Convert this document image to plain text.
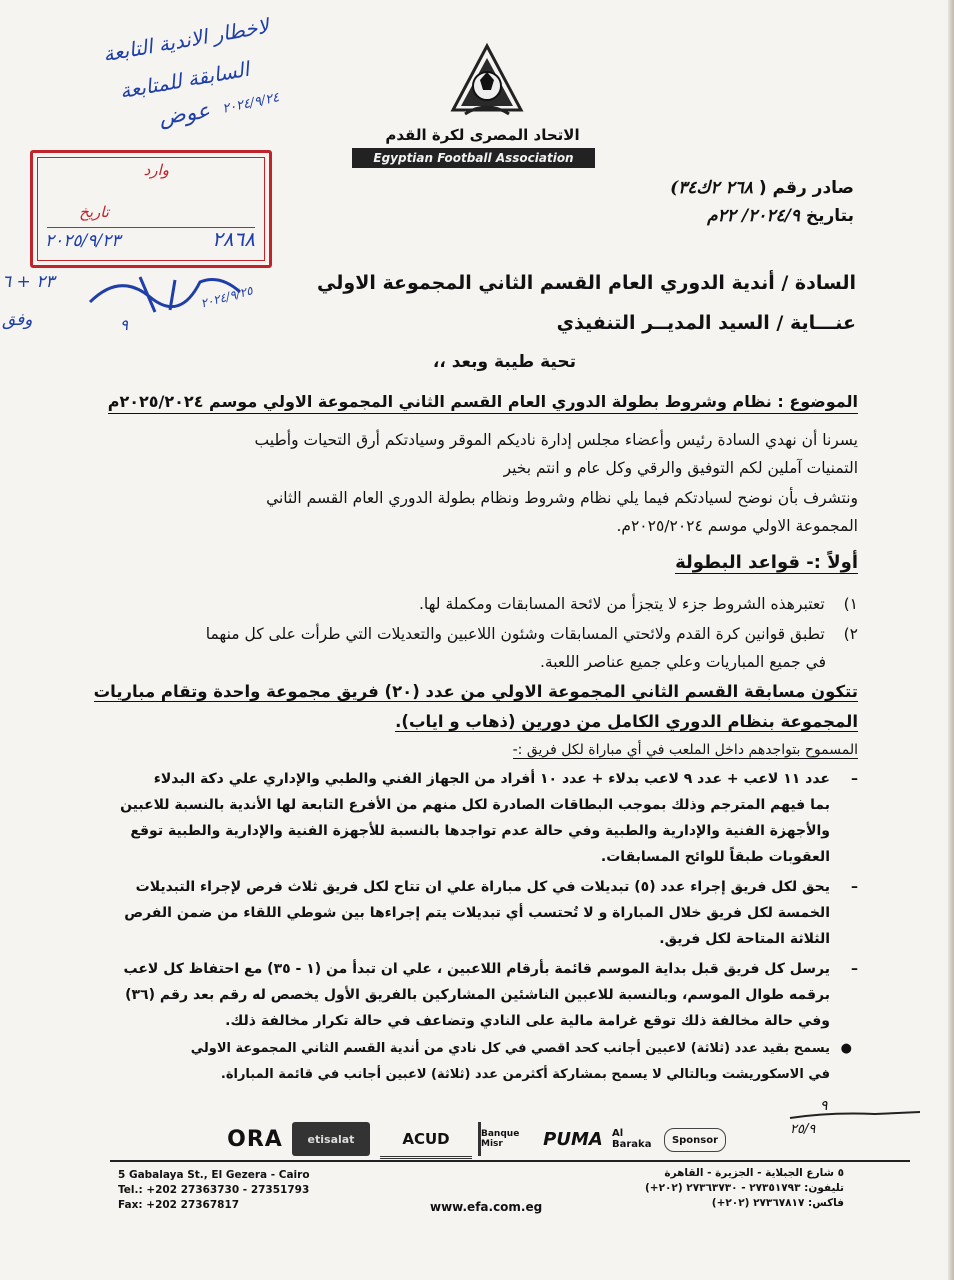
الاتحاد المصرى لكرة القدم
Egyptian Football Association
لاخطار الاندية التابعة
السابقة للمتابعة
عوض ٢٠٢٤/٩/٢٤
وارد
تاريخ
٢٨٦٨
٢٠٢٥/٩/٢٣
٢٠٢٤/٩/٢٥
٩
٢٣ + ٦
وفق
صادر رقم ( ٢٦٨ ٢ك٣٤)
بتاريخ ٢٠٢٤/٩/ ٢٢م
السادة / أندية الدوري العام القسم الثاني المجموعة الاولي
عنـــاية / السيد المديــر التنفيذي
تحية طيبة وبعد ،،
الموضوع : نظام وشروط بطولة الدوري العام القسم الثاني المجموعة الاولي موسم ٢٠٢٥/٢٠٢٤م
يسرنا أن نهدي السادة رئيس وأعضاء مجلس إدارة ناديكم الموقر وسيادتكم أرق التحيات وأطيب
التمنيات آملين لكم التوفيق والرقي وكل عام و انتم بخير
ونتشرف بأن نوضح لسيادتكم فيما يلي نظام وشروط ونظام بطولة الدوري العام القسم الثاني
المجموعة الاولي موسم ٢٠٢٥/٢٠٢٤م.
أولاً :- قواعد البطولة
١) تعتبرهذه الشروط جزء لا يتجزأ من لائحة المسابقات ومكملة لها.
٢) تطبق قوانين كرة القدم ولائحتي المسابقات وشئون اللاعبين والتعديلات التي طرأت على كل منهما
في جميع المباريات وعلي جميع عناصر اللعبة.
تتكون مسابقة القسم الثاني المجموعة الاولي من عدد (٢٠) فريق مجموعة واحدة وتقام مباريات
المجموعة بنظام الدوري الكامل من دورين (ذهاب و اياب).
المسموح بتواجدهم داخل الملعب في أي مباراة لكل فريق :-
–
عدد ١١ لاعب + عدد ٩ لاعب بدلاء + عدد ١٠ أفراد من الجهاز الفني والطبي والإداري علي دكة البدلاء
بما فيهم المترجم وذلك بموجب البطاقات الصادرة لكل منهم من الأفرع التابعة لها الأندية بالنسبة للاعبين
والأجهزة الفنية والإدارية والطبية وفي حالة عدم تواجدها بالنسبة للأجهزة الفنية والإدارية والطبية توقع
العقوبات طبقاً للوائح المسابقات.
–
يحق لكل فريق إجراء عدد (٥) تبديلات في كل مباراة علي ان تتاح لكل فريق ثلاث فرص لإجراء التبديلات
الخمسة لكل فريق خلال المباراة و لا تُحتسب أي تبديلات يتم إجراءها بين شوطي اللقاء من ضمن الفرص
الثلاثة المتاحة لكل فريق.
–
يرسل كل فريق قبل بداية الموسم قائمة بأرقام اللاعبين ، علي ان تبدأ من (١ - ٣٥) مع احتفاظ كل لاعب
برقمه طوال الموسم، وبالنسبة للاعبين الناشئين المشاركين بالفريق الأول يخصص له رقم بعد رقم (٣٦)
وفي حالة مخالفة ذلك توقع غرامة مالية على النادي وتضاعف في حالة تكرار مخالفة ذلك.
●
يسمح بقيد عدد (ثلاثة) لاعبين أجانب كحد اقصي في كل نادي من أندية القسم الثاني المجموعة الاولي
في الاسكوريشت وبالتالي لا يسمح بمشاركة أكثرمن عدد (ثلاثة) لاعبين أجانب في قائمة المباراة.
٩
٢٥/٩
ORA	etisalat	ACUD	Banque Misr	PUMA Al Baraka	Sponsor
5 Gabalaya St., El Gezera - Cairo
Tel.: +202 27363730 - 27351793
Fax: +202 27367817	www.efa.com.eg
٥ شارع الجبلاية - الجزيرة - القاهرة
تليفون: ٢٧٣٥١٧٩٣ - ٢٧٣٦٣٧٣٠ (٢٠٢+)
فاكس: ٢٧٣٦٧٨١٧ (٢٠٢+)
